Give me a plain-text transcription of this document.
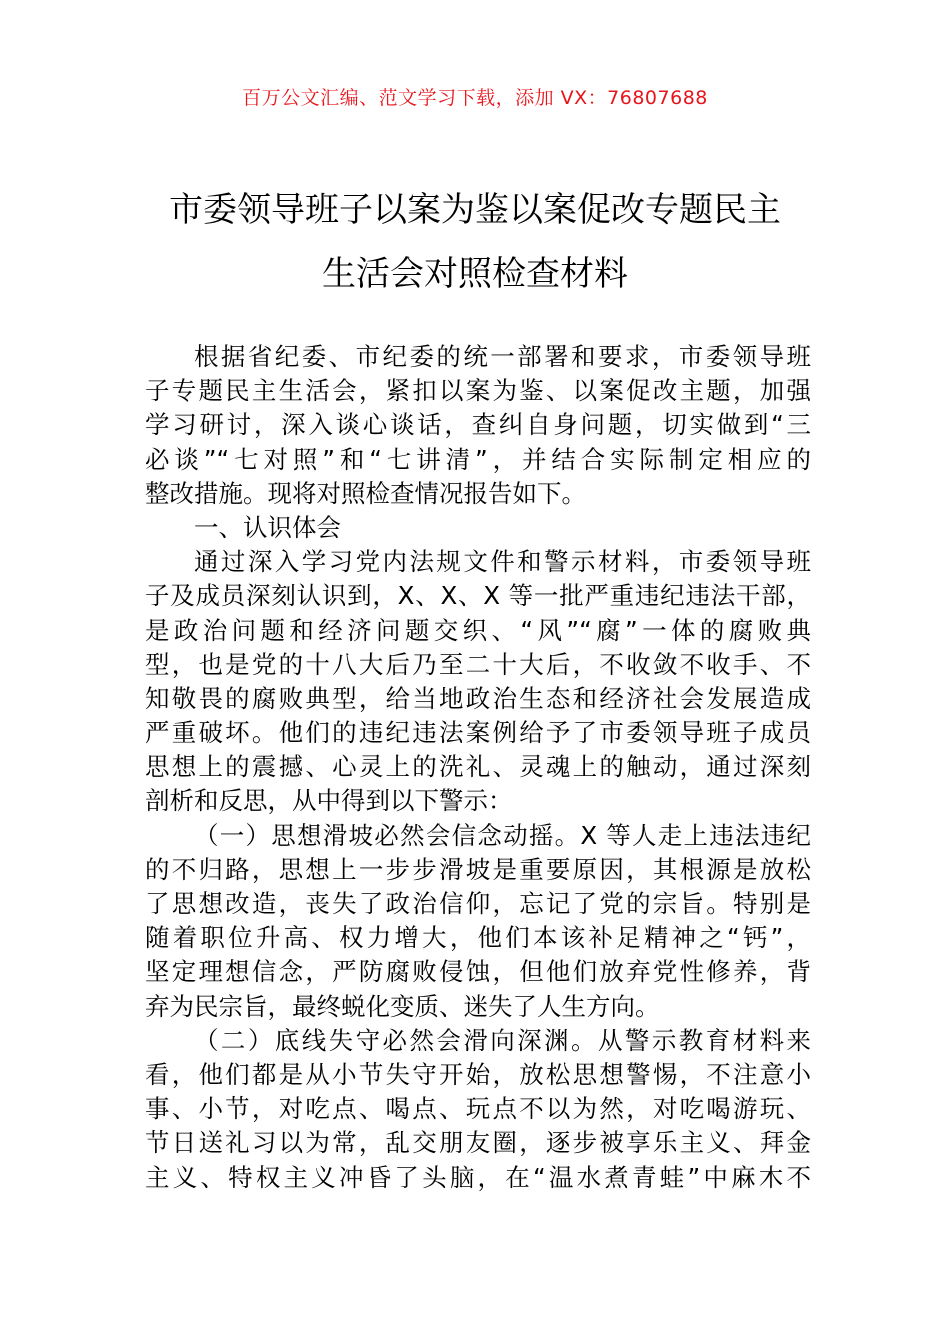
百万公文汇编、范文学习下载，添加 VX：76807688
市委领导班子以案为鉴以案促改专题民主
生活会对照检查材料
根据省纪委、市纪委的统一部署和要求，市委领导班
子专题民主生活会，紧扣以案为鉴、以案促改主题，加强
学习研讨，深入谈心谈话，查纠自身问题，切实做到“三
必谈”“七对照”和“七讲清”，并结合实际制定相应的
整改措施。现将对照检查情况报告如下。
一、认识体会
通过深入学习党内法规文件和警示材料，市委领导班
子及成员深刻认识到，X、X、X 等一批严重违纪违法干部，
是政治问题和经济问题交织、“风”“腐”一体的腐败典
型，也是党的十八大后乃至二十大后，不收敛不收手、不
知敬畏的腐败典型，给当地政治生态和经济社会发展造成
严重破坏。他们的违纪违法案例给予了市委领导班子成员
思想上的震撼、心灵上的洗礼、灵魂上的触动，通过深刻
剖析和反思，从中得到以下警示：
（一）思想滑坡必然会信念动摇。X 等人走上违法违纪
的不归路，思想上一步步滑坡是重要原因，其根源是放松
了思想改造，丧失了政治信仰，忘记了党的宗旨。特别是
随着职位升高、权力增大，他们本该补足精神之“钙”，
坚定理想信念，严防腐败侵蚀，但他们放弃党性修养，背
弃为民宗旨，最终蜕化变质、迷失了人生方向。
（二）底线失守必然会滑向深渊。从警示教育材料来
看，他们都是从小节失守开始，放松思想警惕，不注意小
事、小节，对吃点、喝点、玩点不以为然，对吃喝游玩、
节日送礼习以为常，乱交朋友圈，逐步被享乐主义、拜金
主义、特权主义冲昏了头脑，在“温水煮青蛙”中麻木不
